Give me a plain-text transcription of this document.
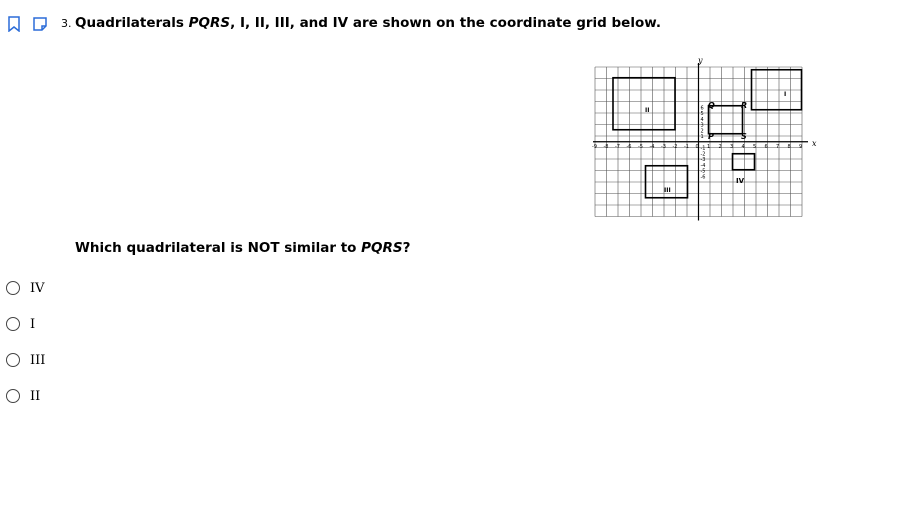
3. Quadrilaterals PQRS, I, II, III, and IV are shown on the coordinate grid below.
-9 -8 -7 -6 -5 -4 -3 -2 -1 0 1 2 3 4 5 6 7 8 9
6
5
4
3
2
1
-1
-2
-3
-4
-5
-6
x
y
P
Q	R
S
I
II
III
IV
Which quadrilateral is NOT similar to PQRS?
IV
I
III
II
